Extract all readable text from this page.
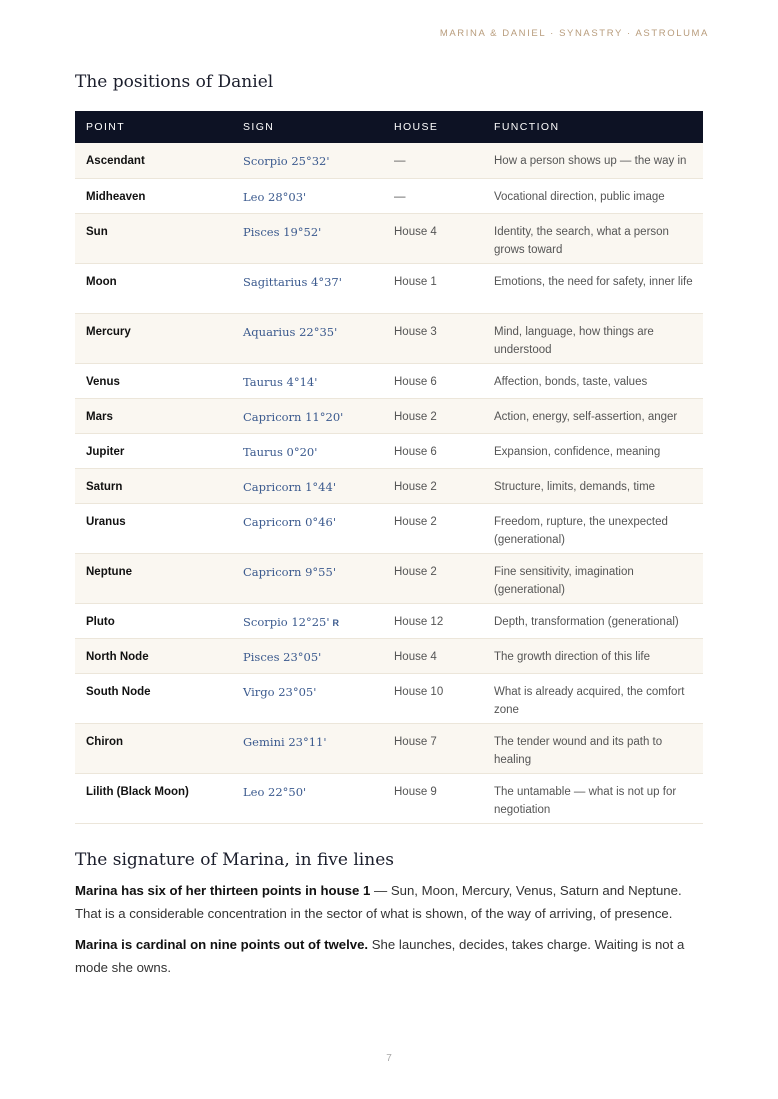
MARINA & DANIEL · SYNASTRY · ASTROLUMA
The positions of Daniel
POINT	SIGN	HOUSE	FUNCTION
Ascendant	Scorpio 25°32'	—	How a person shows up — the way in
Midheaven	Leo 28°03'	—	Vocational direction, public image
Sun	Pisces 19°52'	House 4	Identity, the search, what a person grows toward
Moon	Sagittarius 4°37'	House 1	Emotions, the need for safety, inner life
Mercury	Aquarius 22°35'	House 3	Mind, language, how things are understood
Venus	Taurus 4°14'	House 6	Affection, bonds, taste, values
Mars	Capricorn 11°20'	House 2	Action, energy, self-assertion, anger
Jupiter	Taurus 0°20'	House 6	Expansion, confidence, meaning
Saturn	Capricorn 1°44'	House 2	Structure, limits, demands, time
Uranus	Capricorn 0°46'	House 2	Freedom, rupture, the unexpected (generational)
Neptune	Capricorn 9°55'	House 2	Fine sensitivity, imagination (generational)
Pluto	Scorpio 12°25' R	House 12	Depth, transformation (generational)
North Node	Pisces 23°05'	House 4	The growth direction of this life
South Node	Virgo 23°05'	House 10	What is already acquired, the comfort zone
Chiron	Gemini 23°11'	House 7	The tender wound and its path to healing
Lilith (Black Moon)	Leo 22°50'	House 9	The untamable — what is not up for negotiation
The signature of Marina, in five lines

Marina has six of her thirteen points in house 1 — Sun, Moon, Mercury, Venus, Saturn and Neptune. That is a considerable concentration in the sector of what is shown, of the way of arriving, of presence.

Marina is cardinal on nine points out of twelve. She launches, decides, takes charge. Waiting is not a mode she owns.

7
